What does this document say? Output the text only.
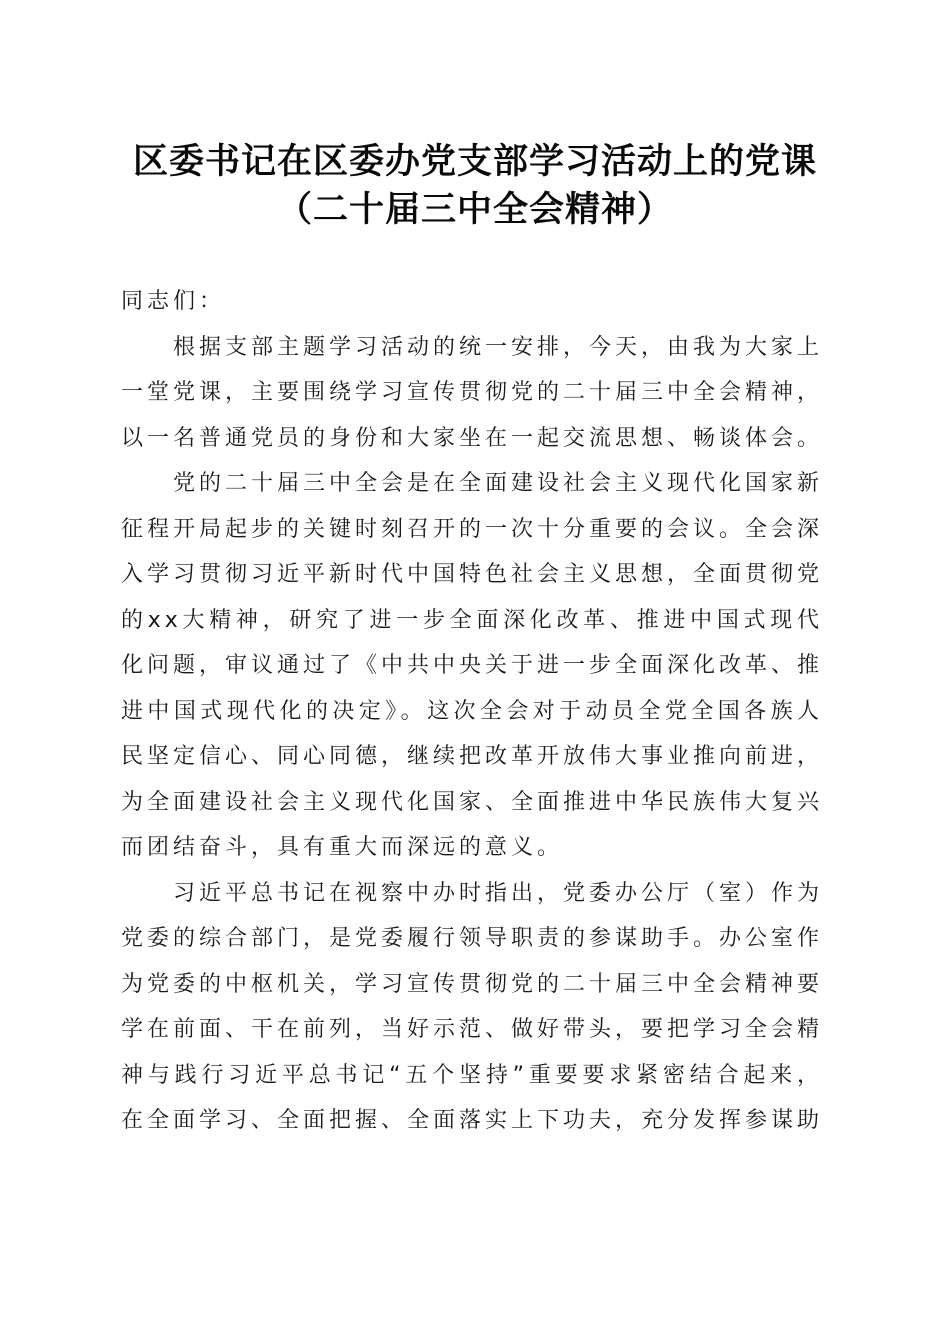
区委书记在区委办党支部学习活动上的党课
（二十届三中全会精神）

同志们：

根据支部主题学习活动的统一安排，今天，由我为大家上一堂党课，主要围绕学习宣传贯彻党的二十届三中全会精神，以一名普通党员的身份和大家坐在一起交流思想、畅谈体会。

党的二十届三中全会是在全面建设社会主义现代化国家新征程开局起步的关键时刻召开的一次十分重要的会议。全会深入学习贯彻习近平新时代中国特色社会主义思想，全面贯彻党的xx大精神，研究了进一步全面深化改革、推进中国式现代化问题，审议通过了《中共中央关于进一步全面深化改革、推进中国式现代化的决定》。这次全会对于动员全党全国各族人民坚定信心、同心同德，继续把改革开放伟大事业推向前进，为全面建设社会主义现代化国家、全面推进中华民族伟大复兴而团结奋斗，具有重大而深远的意义。

习近平总书记在视察中办时指出，党委办公厅（室）作为党委的综合部门，是党委履行领导职责的参谋助手。办公室作为党委的中枢机关，学习宣传贯彻党的二十届三中全会精神要学在前面、干在前列，当好示范、做好带头，要把学习全会精神与践行习近平总书记“五个坚持”重要要求紧密结合起来，在全面学习、全面把握、全面落实上下功夫，充分发挥参谋助
